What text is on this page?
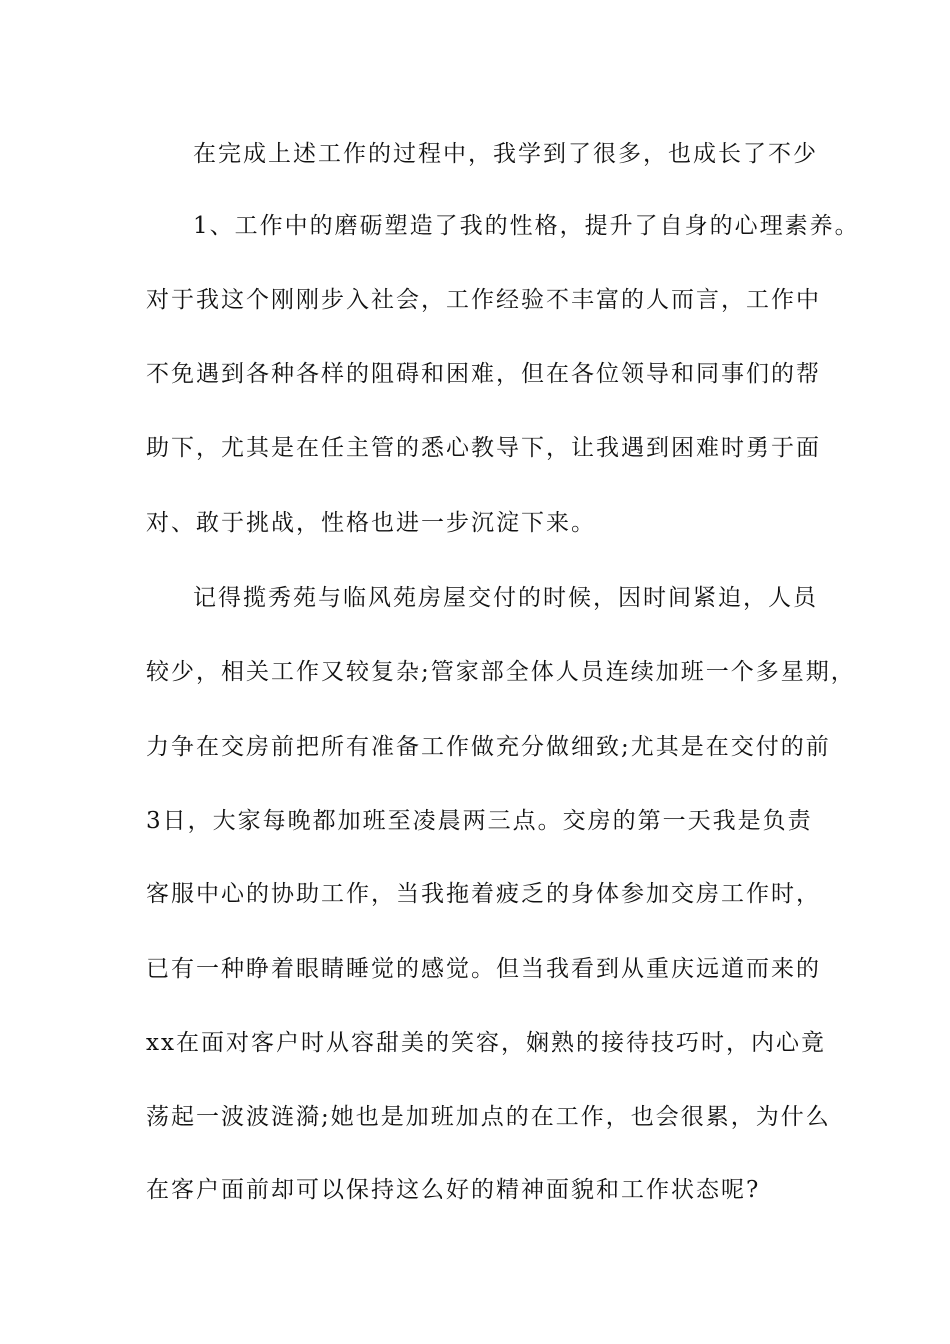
在完成上述工作的过程中，我学到了很多，也成长了不少
1、工作中的磨砺塑造了我的性格，提升了自身的心理素养。
对于我这个刚刚步入社会，工作经验不丰富的人而言，工作中
不免遇到各种各样的阻碍和困难，但在各位领导和同事们的帮
助下，尤其是在任主管的悉心教导下，让我遇到困难时勇于面
对、敢于挑战，性格也进一步沉淀下来。
记得揽秀苑与临风苑房屋交付的时候，因时间紧迫，人员
较少，相关工作又较复杂;管家部全体人员连续加班一个多星期，
力争在交房前把所有准备工作做充分做细致;尤其是在交付的前
3日，大家每晚都加班至凌晨两三点。交房的第一天我是负责
客服中心的协助工作，当我拖着疲乏的身体参加交房工作时，
已有一种睁着眼睛睡觉的感觉。但当我看到从重庆远道而来的
xx在面对客户时从容甜美的笑容，娴熟的接待技巧时，内心竟
荡起一波波涟漪;她也是加班加点的在工作，也会很累，为什么
在客户面前却可以保持这么好的精神面貌和工作状态呢?
